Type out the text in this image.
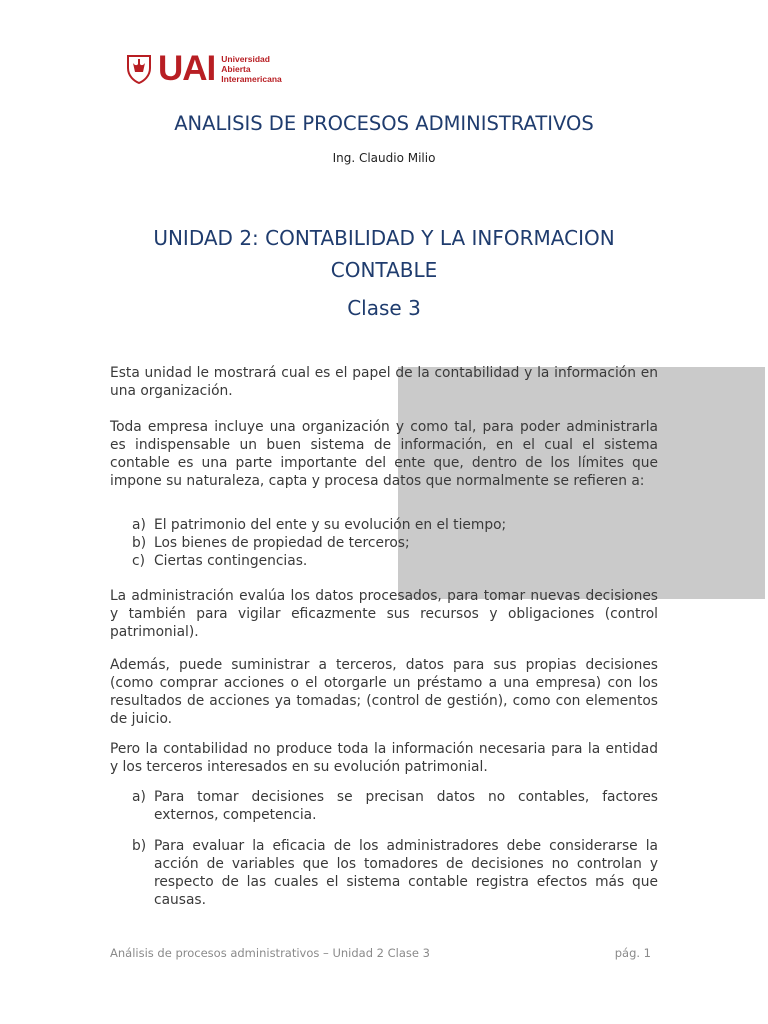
UAI Universidad
Abierta
Interamericana
ANALISIS DE PROCESOS ADMINISTRATIVOS
Ing. Claudio Milio
UNIDAD 2: CONTABILIDAD Y LA INFORMACION
CONTABLE
Clase 3

Esta unidad le mostrará cual es el papel de la contabilidad y la información en una organización.

Toda empresa incluye una organización y como tal, para poder administrarla es indispensable un buen sistema de información, en el cual el sistema contable es una parte importante del ente que, dentro de los límites que impone su naturaleza, capta y procesa datos que normalmente se refieren a:

a) El patrimonio del ente y su evolución en el tiempo;
b) Los bienes de propiedad de terceros;
c) Ciertas contingencias.

La administración evalúa los datos procesados, para tomar nuevas decisiones y también para vigilar eficazmente sus recursos y obligaciones (control patrimonial).

Además, puede suministrar a terceros, datos para sus propias decisiones (como comprar acciones o el otorgarle un préstamo a una empresa) con los resultados de acciones ya tomadas; (control de gestión), como con elementos de juicio.

Pero la contabilidad no produce toda la información necesaria para la entidad y los terceros interesados en su evolución patrimonial.

a) Para tomar decisiones se precisan datos no contables, factores externos, competencia.
b) Para evaluar la eficacia de los administradores debe considerarse la acción de variables que los tomadores de decisiones no controlan y respecto de las cuales el sistema contable registra efectos más que causas.
Análisis de procesos administrativos – Unidad 2 Clase 3	pág. 1
